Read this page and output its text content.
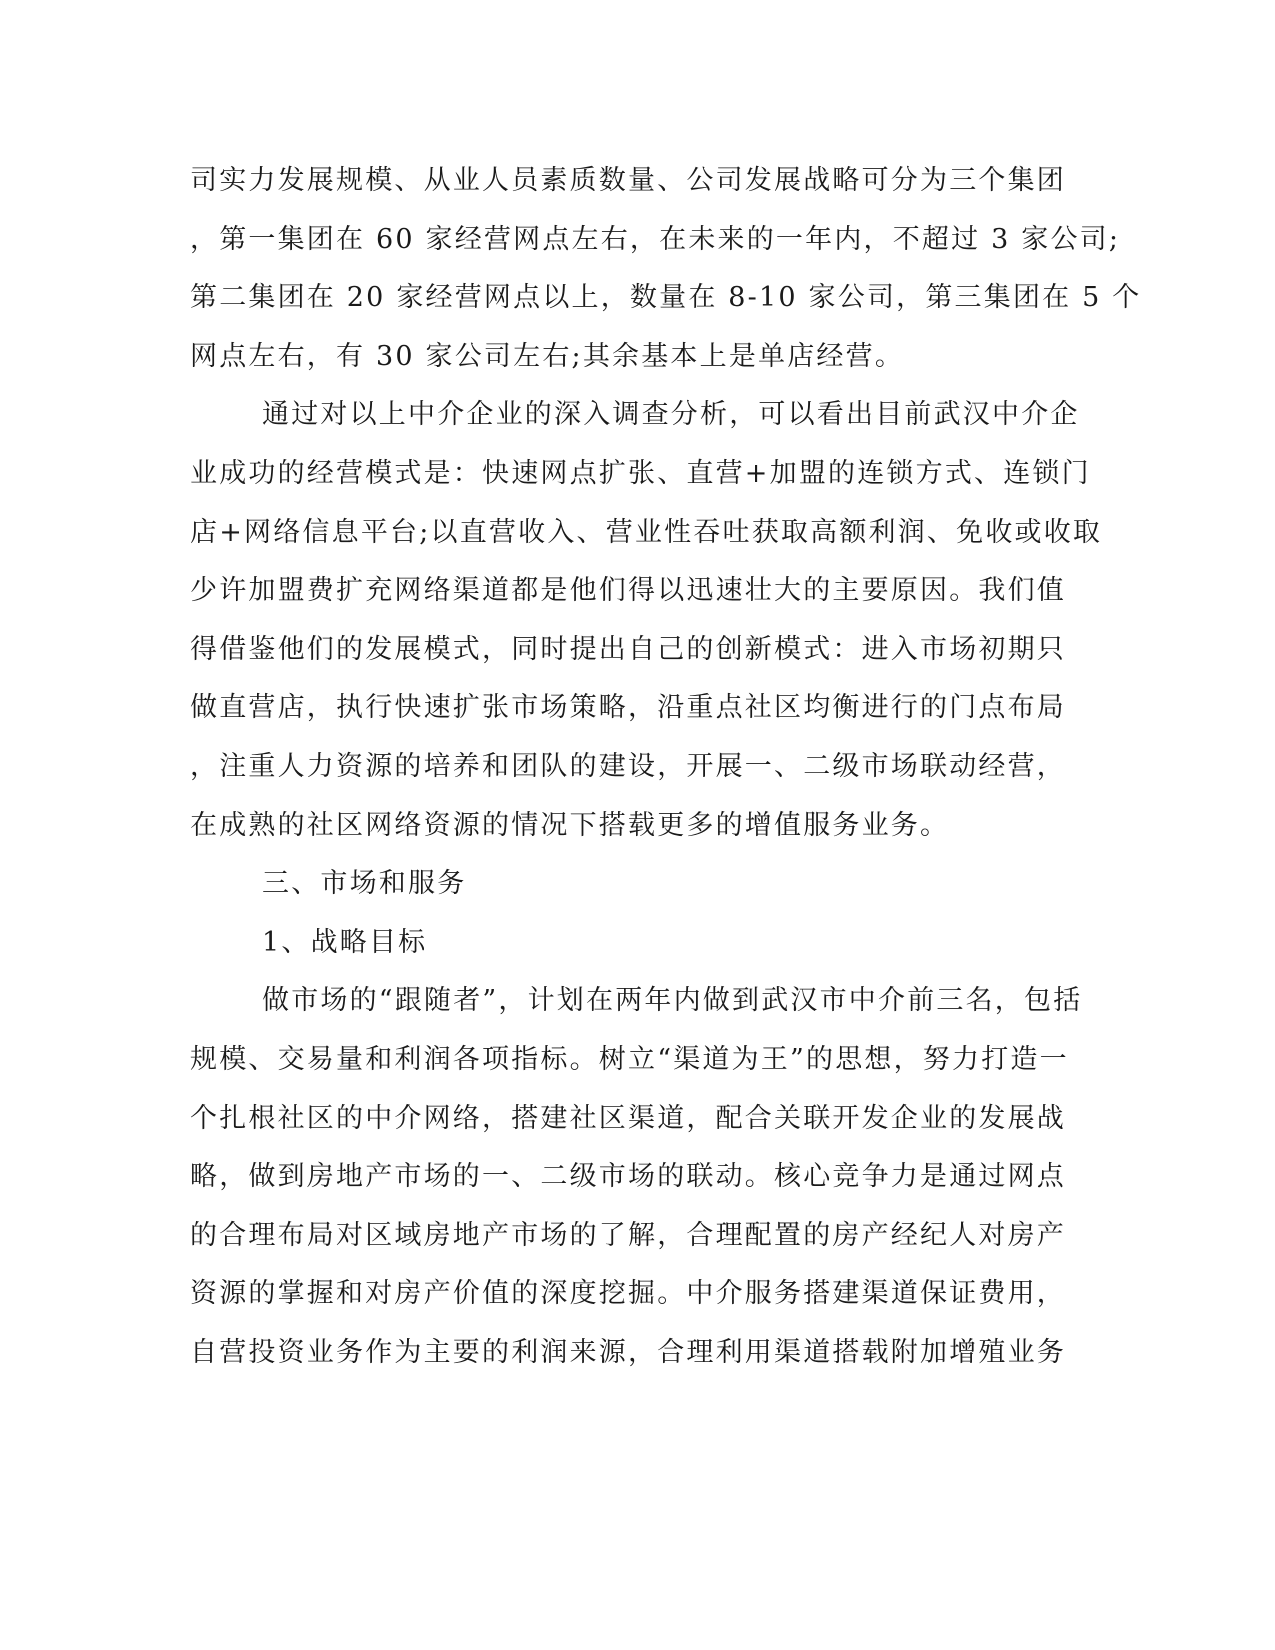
司实力发展规模、从业人员素质数量、公司发展战略可分为三个集团

，第一集团在 60 家经营网点左右，在未来的一年内，不超过 3 家公司;

第二集团在 20 家经营网点以上，数量在 8-10 家公司，第三集团在 5 个

网点左右，有 30 家公司左右;其余基本上是单店经营。

通过对以上中介企业的深入调查分析，可以看出目前武汉中介企

业成功的经营模式是：快速网点扩张、直营+加盟的连锁方式、连锁门

店+网络信息平台;以直营收入、营业性吞吐获取高额利润、免收或收取

少许加盟费扩充网络渠道都是他们得以迅速壮大的主要原因。我们值

得借鉴他们的发展模式，同时提出自己的创新模式：进入市场初期只

做直营店，执行快速扩张市场策略，沿重点社区均衡进行的门点布局

，注重人力资源的培养和团队的建设，开展一、二级市场联动经营，

在成熟的社区网络资源的情况下搭载更多的增值服务业务。

三、市场和服务

1、战略目标

做市场的“跟随者”，计划在两年内做到武汉市中介前三名，包括

规模、交易量和利润各项指标。树立“渠道为王”的思想，努力打造一

个扎根社区的中介网络，搭建社区渠道，配合关联开发企业的发展战

略，做到房地产市场的一、二级市场的联动。核心竞争力是通过网点

的合理布局对区域房地产市场的了解，合理配置的房产经纪人对房产

资源的掌握和对房产价值的深度挖掘。中介服务搭建渠道保证费用，

自营投资业务作为主要的利润来源，合理利用渠道搭载附加增殖业务
